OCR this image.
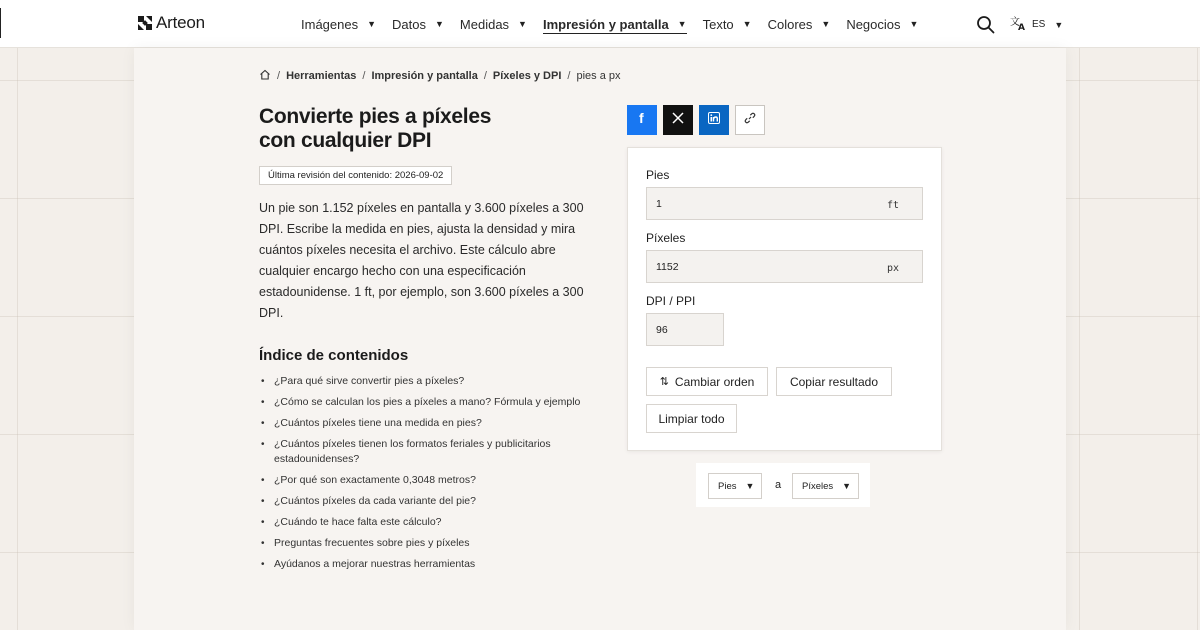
Arteon	Imágenes ▼ Datos ▼ Medidas ▼ Impresión y pantalla ▼ Texto ▼ Colores ▼ Negocios ▼	文
A ES ▼
/ Herramientas / Impresión y pantalla / Píxeles y DPI / pies a px
Convierte pies a píxeles
con cualquier DPI
Última revisión del contenido: 2026-09-02

Un pie son 1.152 píxeles en pantalla y 3.600 píxeles a 300 DPI. Escribe la medida en pies, ajusta la densidad y mira cuántos píxeles necesita el archivo. Este cálculo abre cualquier encargo hecho con una especificación estadounidense. 1 ft, por ejemplo, son 3.600 píxeles a 300 DPI.

Índice de contenidos
• ¿Para qué sirve convertir pies a píxeles?
• ¿Cómo se calculan los pies a píxeles a mano? Fórmula y ejemplo
• ¿Cuántos píxeles tiene una medida en pies?
• ¿Cuántos píxeles tienen los formatos feriales y publicitarios estadounidenses?
• ¿Por qué son exactamente 0,3048 metros?
• ¿Cuántos píxeles da cada variante del pie?
• ¿Cuándo te hace falta este cálculo?
• Preguntas frecuentes sobre pies y píxeles
• Ayúdanos a mejorar nuestras herramientas
f
Pies
1	ft
Píxeles
1152	px
DPI / PPI
96
⇅ Cambiar orden	Copiar resultado
Limpiar todo
Pies ▼ a Píxeles ▼
